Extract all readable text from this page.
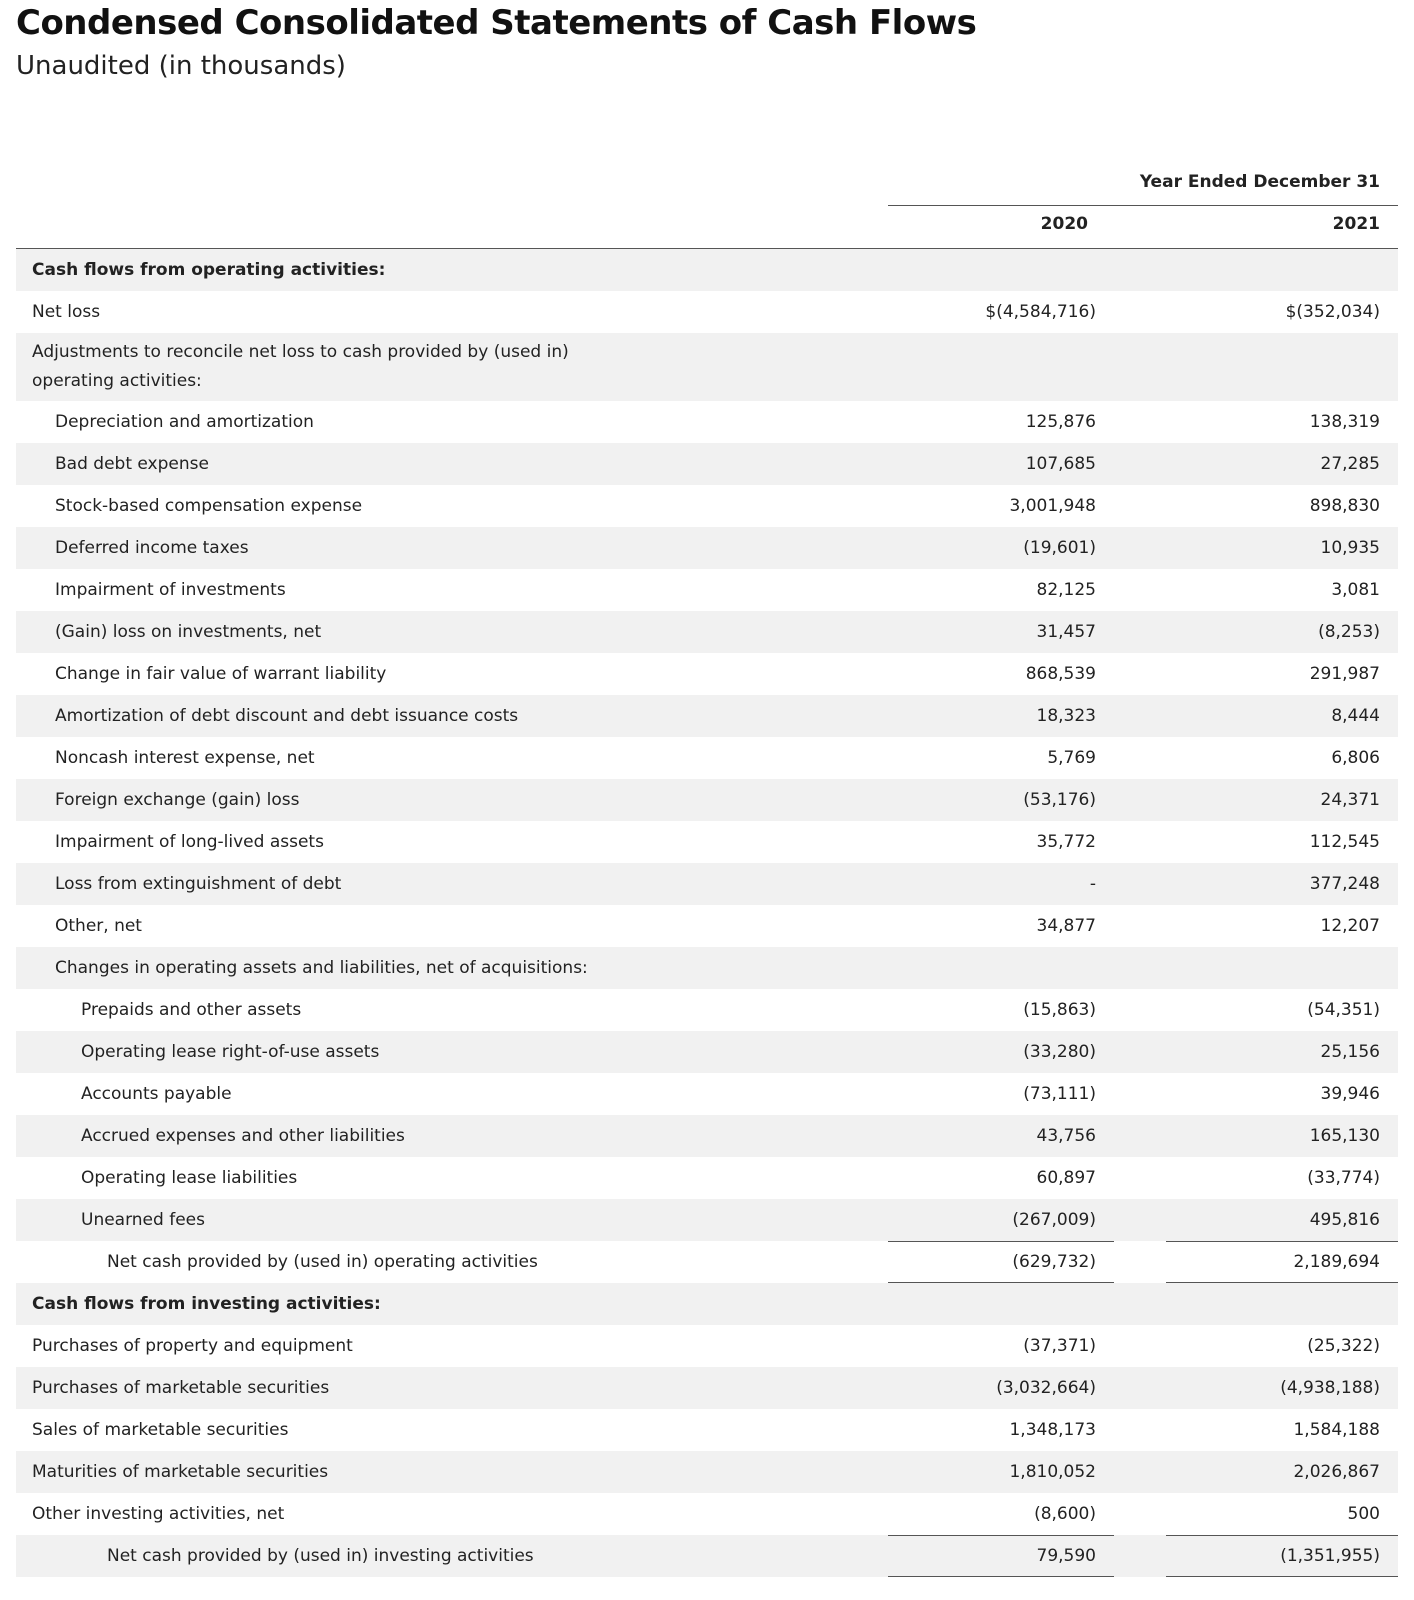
Condensed Consolidated Statements of Cash Flows
Unaudited (in thousands)
Year Ended December 31
2020	2021
Cash flows from operating activities:
Net loss	$(4,584,716)	$(352,034)
Adjustments to reconcile net loss to cash provided by (used in) operating activities:
Depreciation and amortization	125,876	138,319
Bad debt expense	107,685	27,285
Stock-based compensation expense	3,001,948	898,830
Deferred income taxes	(19,601)	10,935
Impairment of investments	82,125	3,081
(Gain) loss on investments, net	31,457	(8,253)
Change in fair value of warrant liability	868,539	291,987
Amortization of debt discount and debt issuance costs	18,323	8,444
Noncash interest expense, net	5,769	6,806
Foreign exchange (gain) loss	(53,176)	24,371
Impairment of long-lived assets	35,772	112,545
Loss from extinguishment of debt	-	377,248
Other, net	34,877	12,207
Changes in operating assets and liabilities, net of acquisitions:
Prepaids and other assets	(15,863)	(54,351)
Operating lease right-of-use assets	(33,280)	25,156
Accounts payable	(73,111)	39,946
Accrued expenses and other liabilities	43,756	165,130
Operating lease liabilities	60,897	(33,774)
Unearned fees	(267,009)	495,816
Net cash provided by (used in) operating activities	(629,732)	2,189,694
Cash flows from investing activities:
Purchases of property and equipment	(37,371)	(25,322)
Purchases of marketable securities	(3,032,664)	(4,938,188)
Sales of marketable securities	1,348,173	1,584,188
Maturities of marketable securities	1,810,052	2,026,867
Other investing activities, net	(8,600)	500
Net cash provided by (used in) investing activities	79,590	(1,351,955)
